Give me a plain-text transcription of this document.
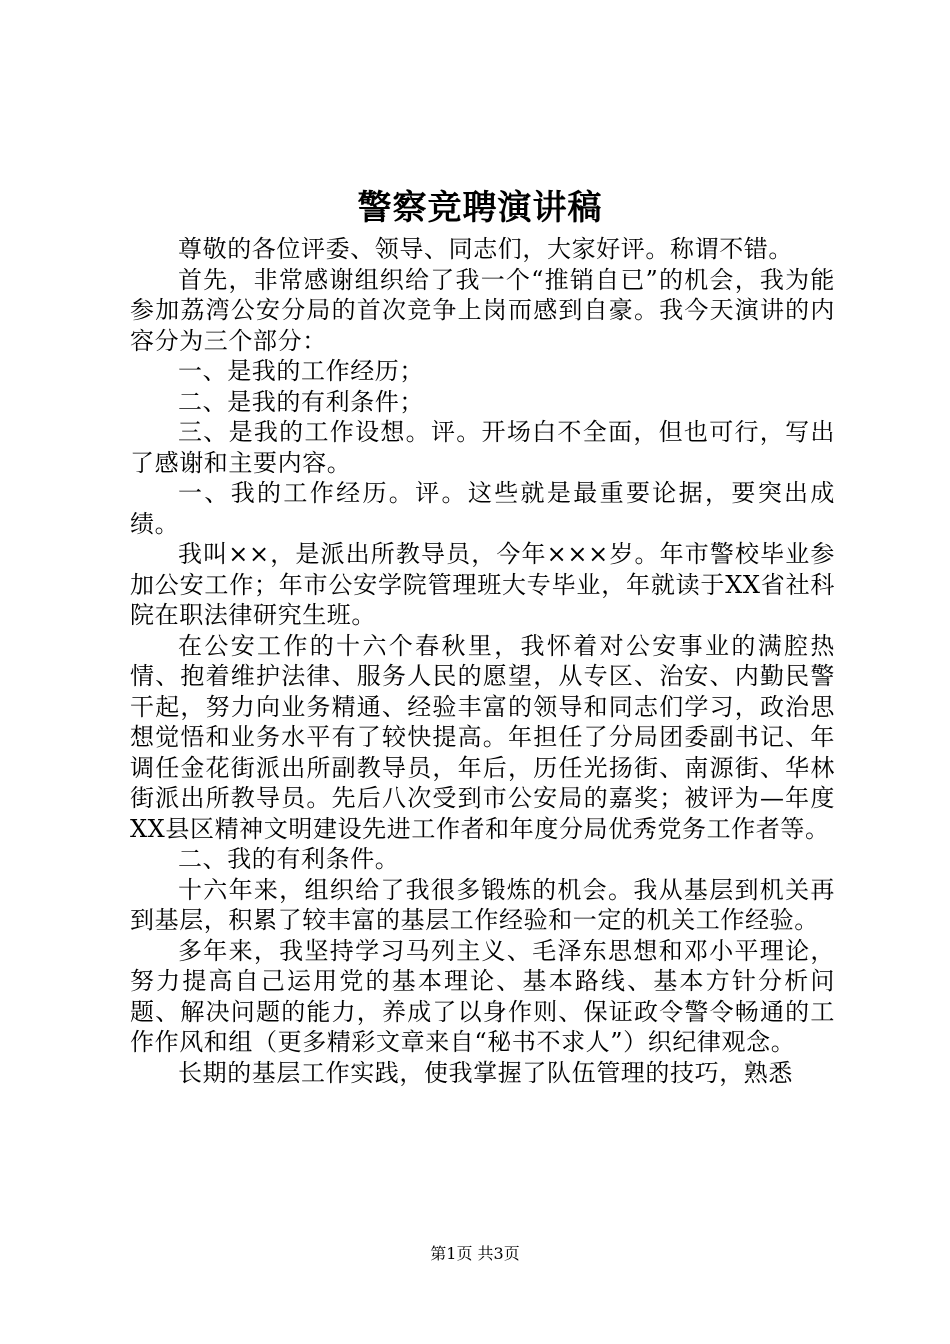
警察竞聘演讲稿

尊敬的各位评委、领导、同志们，大家好评。称谓不错。

首先，非常感谢组织给了我一个“推销自已”的机会，我为能参加荔湾公安分局的首次竞争上岗而感到自豪。我今天演讲的内容分为三个部分：

一、是我的工作经历；

二、是我的有利条件；

三、是我的工作设想。评。开场白不全面，但也可行，写出了感谢和主要内容。

一、我的工作经历。评。这些就是最重要论据，要突出成绩。

我叫××，是派出所教导员，今年×××岁。年市警校毕业参加公安工作；年市公安学院管理班大专毕业，年就读于XX省社科院在职法律研究生班。

在公安工作的十六个春秋里，我怀着对公安事业的满腔热情、抱着维护法律、服务人民的愿望，从专区、治安、内勤民警干起，努力向业务精通、经验丰富的领导和同志们学习，政治思想觉悟和业务水平有了较快提高。年担任了分局团委副书记、年调任金花街派出所副教导员，年后，历任光扬街、南源街、华林街派出所教导员。先后八次受到市公安局的嘉奖；被评为—年度XX县区精神文明建设先进工作者和年度分局优秀党务工作者等。

二、我的有利条件。

十六年来，组织给了我很多锻炼的机会。我从基层到机关再到基层，积累了较丰富的基层工作经验和一定的机关工作经验。

多年来，我坚持学习马列主义、毛泽东思想和邓小平理论，努力提高自己运用党的基本理论、基本路线、基本方针分析问题、解决问题的能力，养成了以身作则、保证政令警令畅通的工作作风和组（更多精彩文章来自“秘书不求人”）织纪律观念。

长期的基层工作实践，使我掌握了队伍管理的技巧，熟悉

第1页 共3页
